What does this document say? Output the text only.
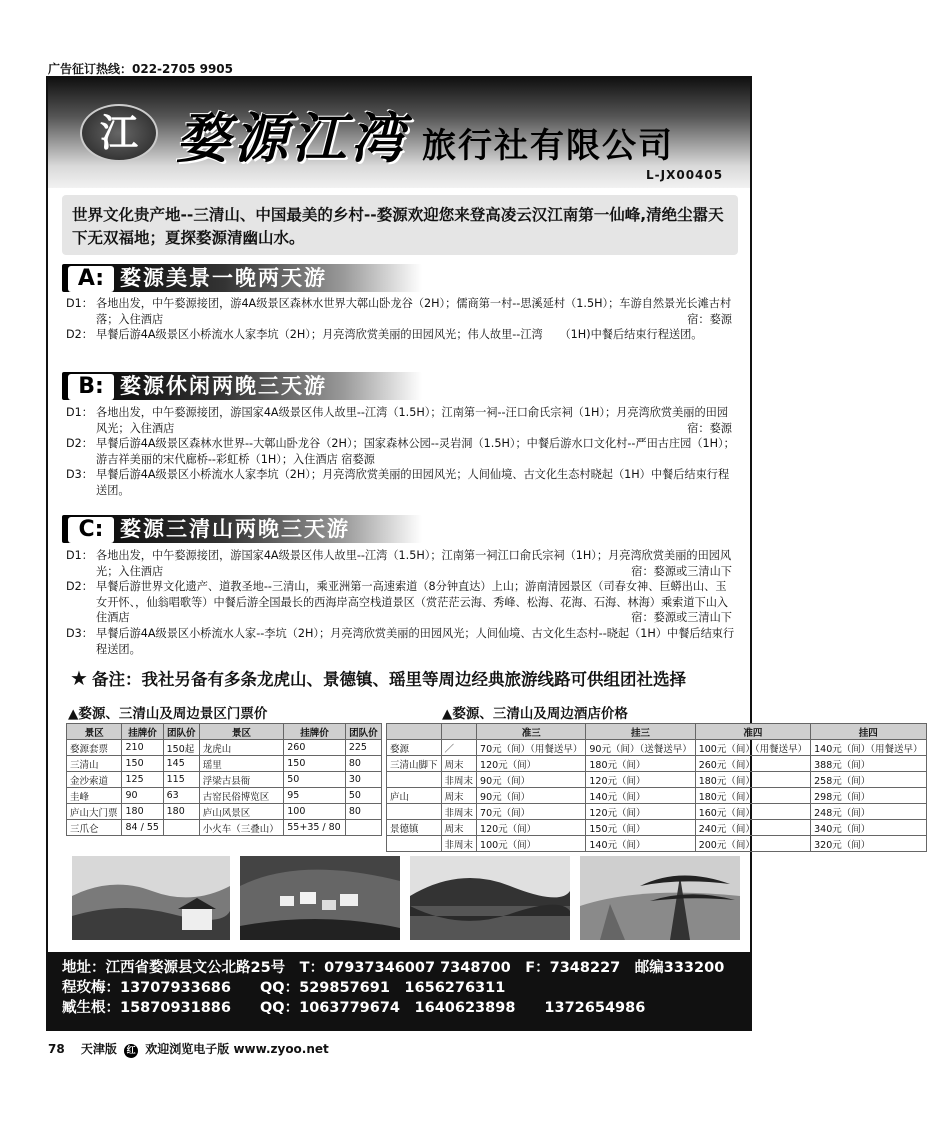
广告征订热线：022-2705 9905
江 婺源江湾 旅行社有限公司
L-JX00405
世界文化贵产地--三清山、中国最美的乡村--婺源欢迎您来登高凌云汉江南第一仙峰,清绝尘嚣天下无双福地；夏探婺源清幽山水。
A: 婺源美景一晚两天游
D1： 各地出发，中午婺源接团，游4A级景区森林水世界大鄣山卧龙谷（2H）；儒商第一村--思溪延村（1.5H）；车游自然景光长滩古村落；入住酒店	宿：婺源
D2： 早餐后游4A级景区小桥流水人家李坑（2H）；月亮湾欣赏美丽的田园风光；伟人故里--江湾　　（1H)中餐后结束行程送团。
B: 婺源休闲两晚三天游
D1： 各地出发，中午婺源接团，游国家4A级景区伟人故里--江湾（1.5H）；江南第一祠--汪口俞氏宗祠（1H）；月亮湾欣赏美丽的田园风光；入住酒店	宿：婺源
D2： 早餐后游4A级景区森林水世界--大鄣山卧龙谷（2H）；国家森林公园--灵岩洞（1.5H）；中餐后游水口文化村--严田古庄园（1H）；游吉祥美丽的宋代廊桥--彩虹桥（1H）；入住酒店 宿婺源
D3： 早餐后游4A级景区小桥流水人家李坑（2H）；月亮湾欣赏美丽的田园风光；人间仙境、古文化生态村晓起（1H）中餐后结束行程送团。
C: 婺源三清山两晚三天游
D1： 各地出发，中午婺源接团，游国家4A级景区伟人故里--江湾（1.5H）；江南第一祠江口俞氏宗祠（1H）；月亮湾欣赏美丽的田园风光；入住酒店	宿：婺源或三清山下
D2： 早餐后游世界文化遗产、道教圣地--三清山，乘亚洲第一高速索道（8分钟直达）上山；游南清园景区（司春女神、巨蟒出山、玉女开怀、，仙翁唱歌等）中餐后游全国最长的西海岸高空栈道景区（赏茫茫云海、秀峰、松海、花海、石海、林海）乘索道下山入住酒店	宿：婺源或三清山下
D3： 早餐后游4A级景区小桥流水人家--李坑（2H）；月亮湾欣赏美丽的田园风光；人间仙境、古文化生态村--晓起（1H）中餐后结束行程送团。
★ 备注：我社另备有多条龙虎山、景德镇、瑶里等周边经典旅游线路可供组团社选择
▲婺源、三清山及周边景区门票价
景区	挂牌价	团队价	景区	挂牌价	团队价
婺源套票	210	150起	龙虎山	260	225
三清山	150	145	瑶里	150	80
金沙索道	125	115	浮梁古县衙	50	30
圭峰	90	63	古窑民俗博览区	95	50
庐山大门票	180	180	庐山风景区	100	80
三爪仑	84 / 55		小火车（三叠山）	55+35 / 80	
▲婺源、三清山及周边酒店价格
		准三	挂三	准四	挂四
婺源	／	70元（间）（用餐送早）	90元（间）（送餐送早）	100元（间）（用餐送早）	140元（间）（用餐送早）
三清山脚下	周末	120元（间）	180元（间）	260元（间）	388元（间）
	非周末	90元（间）	120元（间）	180元（间）	258元（间）
庐山	周末	90元（间）	140元（间）	180元（间）	298元（间）
	非周末	70元（间）	120元（间）	160元（间）	248元（间）
景德镇	周末	120元（间）	150元（间）	240元（间）	340元（间）
	非周末	100元（间）	140元（间）	200元（间）	320元（间）
地址：江西省婺源县文公北路25号　T：07937346007 7348700　F：7348227　邮编333200
程玫梅：13707933686　　QQ：529857691　1656276311
臧生根：15870931886　　QQ：1063779674　1640623898　　1372654986
78 天津版 红 欢迎浏览电子版 www.zyoo.net
